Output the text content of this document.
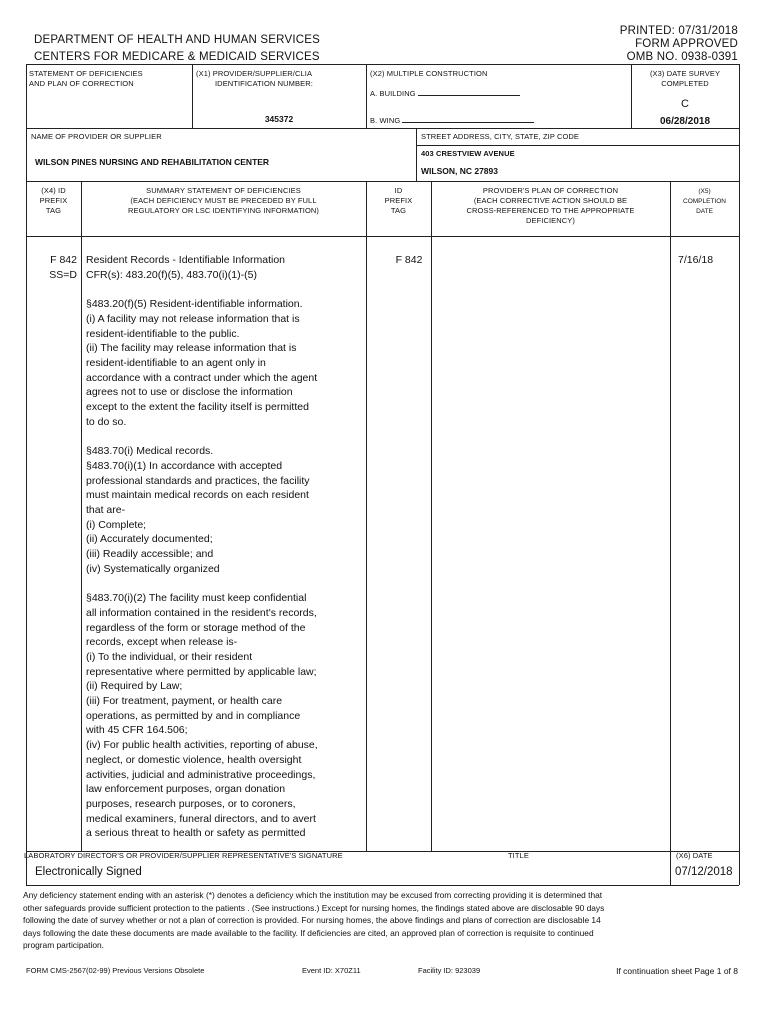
DEPARTMENT OF HEALTH AND HUMAN SERVICES
CENTERS FOR MEDICARE & MEDICAID SERVICES
PRINTED: 07/31/2018
FORM APPROVED
OMB NO. 0938-0391
STATEMENT OF DEFICIENCIES
AND PLAN OF CORRECTION
(X1) PROVIDER/SUPPLIER/CLIA
IDENTIFICATION NUMBER:
345372
(X2) MULTIPLE CONSTRUCTION
A. BUILDING
B. WING
(X3) DATE SURVEY
COMPLETED
C
06/28/2018
NAME OF PROVIDER OR SUPPLIER
WILSON PINES NURSING AND REHABILITATION CENTER
STREET ADDRESS, CITY, STATE, ZIP CODE
403 CRESTVIEW AVENUE
WILSON, NC 27893
(X4) ID
PREFIX
TAG
SUMMARY STATEMENT OF DEFICIENCIES
(EACH DEFICIENCY MUST BE PRECEDED BY FULL
REGULATORY OR LSC IDENTIFYING INFORMATION)
ID
PREFIX
TAG
PROVIDER'S PLAN OF CORRECTION
(EACH CORRECTIVE ACTION SHOULD BE
CROSS-REFERENCED TO THE APPROPRIATE
DEFICIENCY)
(X5)
COMPLETION
DATE
F 842
SS=D
Resident Records - Identifiable Information
CFR(s): 483.20(f)(5), 483.70(i)(1)-(5)
§483.20(f)(5) Resident-identifiable information.
(i) A facility may not release information that is
resident-identifiable to the public.
(ii) The facility may release information that is
resident-identifiable to an agent only in
accordance with a contract under which the agent
agrees not to use or disclose the information
except to the extent the facility itself is permitted
to do so.
§483.70(i) Medical records.
§483.70(i)(1) In accordance with accepted
professional standards and practices, the facility
must maintain medical records on each resident
that are-
(i) Complete;
(ii) Accurately documented;
(iii) Readily accessible; and
(iv) Systematically organized
§483.70(i)(2) The facility must keep confidential
all information contained in the resident's records,
regardless of the form or storage method of the
records, except when release is-
(i) To the individual, or their resident
representative where permitted by applicable law;
(ii) Required by Law;
(iii) For treatment, payment, or health care
operations, as permitted by and in compliance
with 45 CFR 164.506;
(iv) For public health activities, reporting of abuse,
neglect, or domestic violence, health oversight
activities, judicial and administrative proceedings,
law enforcement purposes, organ donation
purposes, research purposes, or to coroners,
medical examiners, funeral directors, and to avert
a serious threat to health or safety as permitted
F 842	7/16/18
LABORATORY DIRECTOR'S OR PROVIDER/SUPPLIER REPRESENTATIVE'S SIGNATURE
Electronically Signed
TITLE	(X6) DATE
07/12/2018
Any deficiency statement ending with an asterisk (*) denotes a deficiency which the institution may be excused from correcting providing it is determined that
other safeguards provide sufficient protection to the patients . (See instructions.) Except for nursing homes, the findings stated above are disclosable 90 days
following the date of survey whether or not a plan of correction is provided. For nursing homes, the above findings and plans of correction are disclosable 14
days following the date these documents are made available to the facility. If deficiencies are cited, an approved plan of correction is requisite to continued
program participation.
FORM CMS-2567(02-99) Previous Versions Obsolete	Event ID: X70Z11	Facility ID: 923039	If continuation sheet Page 1 of 8
